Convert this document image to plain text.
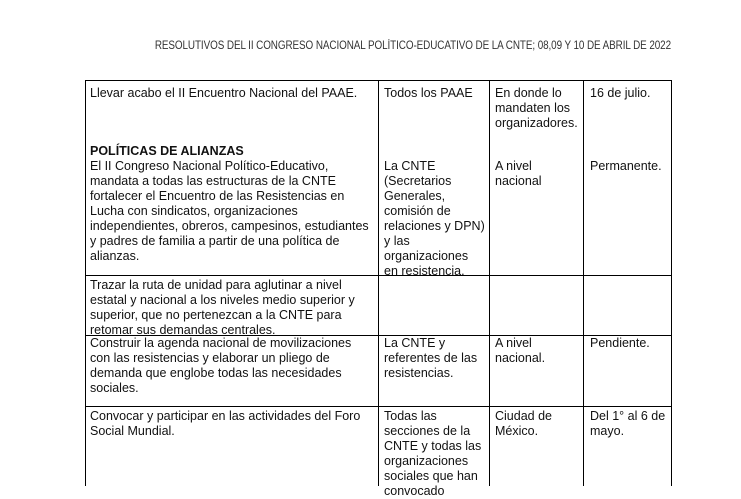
RESOLUTIVOS DEL II CONGRESO NACIONAL POLÍTICO-EDUCATIVO DE LA CNTE; 08,09 Y 10 DE ABRIL DE 2022
Llevar acabo el II Encuentro Nacional del PAAE.	Todos los PAAE	En donde lo
mandaten los
organizadores.
16 de julio.
POLÍTICAS DE ALIANZAS
El II Congreso Nacional Político-Educativo,
mandata a todas las estructuras de la CNTE
fortalecer el Encuentro de las Resistencias en
Lucha con sindicatos, organizaciones
independientes, obreros, campesinos, estudiantes
y padres de familia a partir de una política de
alianzas.
La CNTE
(Secretarios
Generales,
comisión de
relaciones y DPN)
y las
organizaciones
en resistencia.
A nivel
nacional
Permanente.
Trazar la ruta de unidad para aglutinar a nivel
estatal y nacional a los niveles medio superior y
superior, que no pertenezcan a la CNTE para
retomar sus demandas centrales.
Construir la agenda nacional de movilizaciones
con las resistencias y elaborar un pliego de
demanda que englobe todas las necesidades
sociales.
La CNTE y
referentes de las
resistencias.
A nivel
nacional.
Pendiente.
Convocar y participar en las actividades del Foro
Social Mundial.
Todas las
secciones de la
CNTE y todas las
organizaciones
sociales que han
convocado
Ciudad de
México.
Del 1° al 6 de
mayo.
